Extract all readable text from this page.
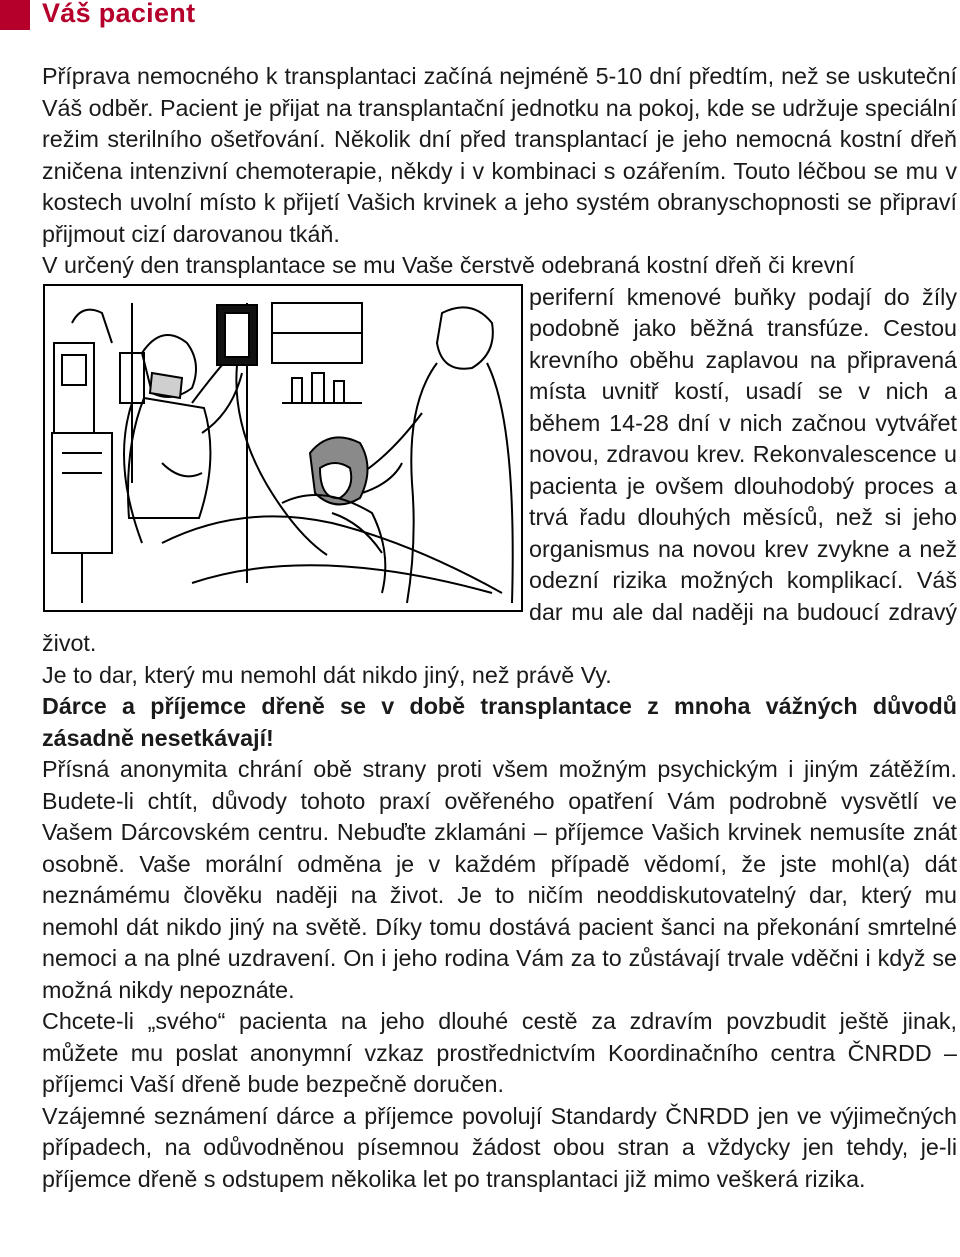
Váš pacient

Příprava nemocného k transplantaci začíná nejméně 5-10 dní předtím, než se uskuteční Váš odběr. Pacient je přijat na transplantační jednotku na pokoj, kde se udržuje speciální režim sterilního ošetřování. Několik dní před transplantací je jeho nemocná kostní dřeň zničena intenzivní chemoterapie, někdy i v kombinaci s ozářením. Touto léčbou se mu v kostech uvolní místo k přijetí Vašich krvinek a jeho systém obranyschopnosti se připraví přijmout cizí darovanou tkáň.

V určený den transplantace se mu Vaše čerstvě odebraná kostní dřeň či krevní
periferní kmenové buňky podají do žíly podobně jako běžná transfúze. Cestou krevního oběhu zaplavou na připravená místa uvnitř kostí, usadí se v nich a během 14-28 dní v nich začnou vytvářet novou, zdravou krev. Rekonvalescence u pacienta je ovšem dlouhodobý proces a trvá řadu dlouhých měsíců, než si jeho organismus na novou krev zvykne a než odezní rizika možných komplikací. Váš dar mu ale dal naději na budoucí zdravý život.

Je to dar, který mu nemohl dát nikdo jiný, než právě Vy.

Dárce a příjemce dřeně se v době transplantace z mnoha vážných důvodů zásadně nesetkávají!

Přísná anonymita chrání obě strany proti všem možným psychickým i jiným zátěžím. Budete-li chtít, důvody tohoto praxí ověřeného opatření Vám podrobně vysvětlí ve Vašem Dárcovském centru. Nebuďte zklamáni – příjemce Vašich krvinek nemusíte znát osobně. Vaše morální odměna je v každém případě vědomí, že jste mohl(a) dát neznámému člověku naději na život. Je to ničím neoddiskutovatelný dar, který mu nemohl dát nikdo jiný na světě. Díky tomu dostává pacient šanci na překonání smrtelné nemoci a na plné uzdravení. On i jeho rodina Vám za to zůstávají trvale vděčni i když se možná nikdy nepoznáte.

Chcete-li „svého“ pacienta na jeho dlouhé cestě za zdravím povzbudit ještě jinak, můžete mu poslat anonymní vzkaz prostřednictvím Koordinačního centra ČNRDD – příjemci Vaší dřeně bude bezpečně doručen.

Vzájemné seznámení dárce a příjemce povolují Standardy ČNRDD jen ve výjimečných případech, na odůvodněnou písemnou žádost obou stran a vždycky jen tehdy, je-li příjemce dřeně s odstupem několika let po transplantaci již mimo veškerá rizika.
